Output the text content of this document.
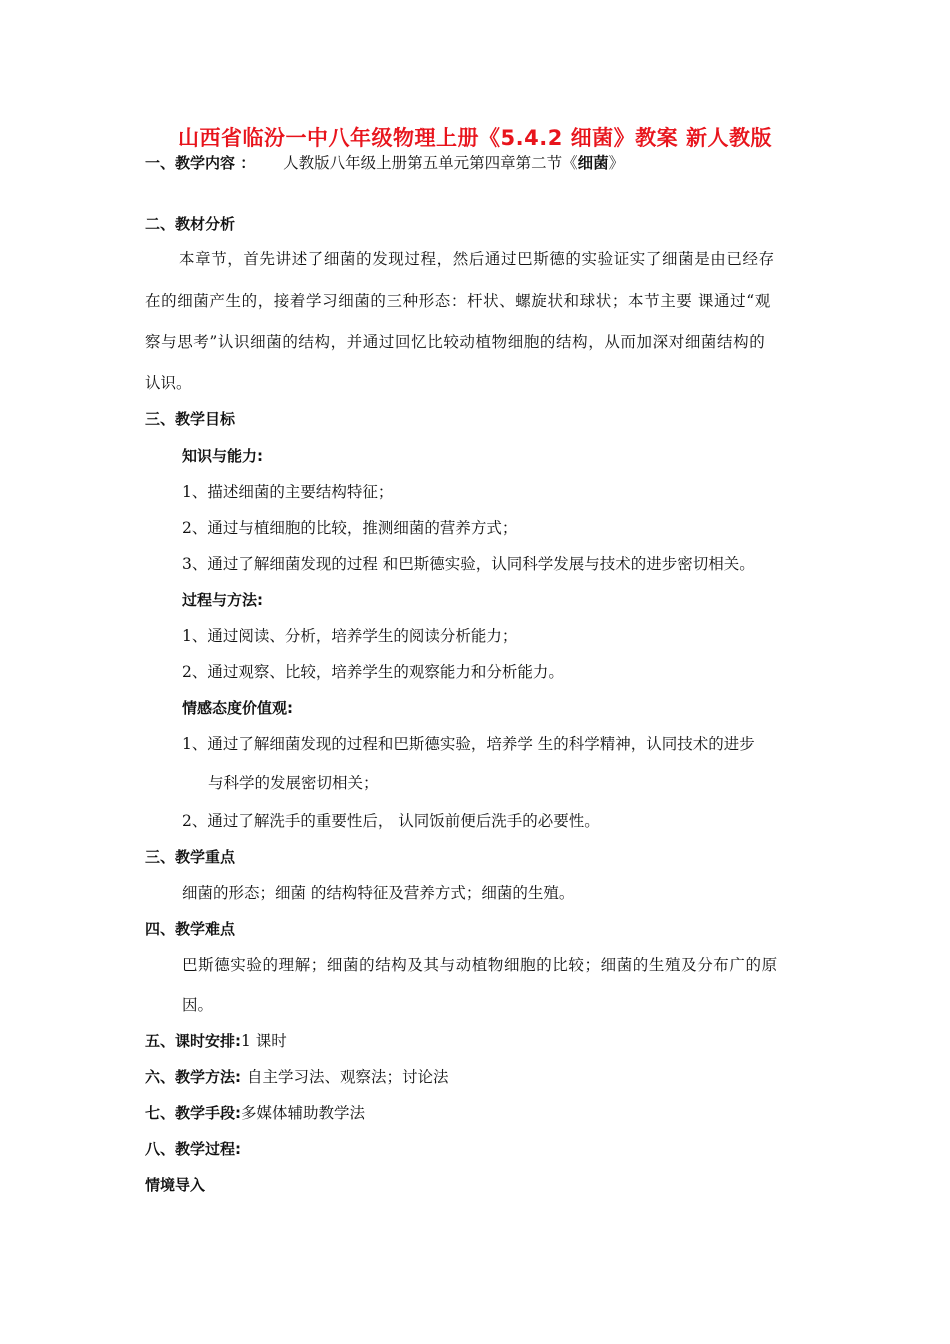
山西省临汾一中八年级物理上册《5.4.2 细菌》教案 新人教版
一、教学内容 ： 人教版八年级上册第五单元第四章第二节《细菌》
二、教材分析
本章节，首先讲述了细菌的发现过程，然后通过巴斯德的实验证实了细菌是由已经存
在的细菌产生的，接着学习细菌的三种形态：杆状、螺旋状和球状；本节主要 课通过“观
察与思考”认识细菌的结构，并通过回忆比较动植物细胞的结构，从而加深对细菌结构的
认识。
三、教学目标
知识与能力:
1、描述细菌的主要结构特征；
2、通过与植细胞的比较，推测细菌的营养方式；
3、通过了解细菌发现的过程 和巴斯德实验，认同科学发展与技术的进步密切相关。
过程与方法:
1、通过阅读、分析，培养学生的阅读分析能力；
2、通过观察、比较，培养学生的观察能力和分析能力。
情感态度价值观:
1、通过了解细菌发现的过程和巴斯德实验，培养学 生的科学精神，认同技术的进步
与科学的发展密切相关；
2、通过了解洗手的重要性后， 认同饭前便后洗手的必要性。
三、教学重点
细菌的形态；细菌 的结构特征及营养方式；细菌的生殖。
四、教学难点
巴斯德实验的理解；细菌的结构及其与动植物细胞的比较；细菌的生殖及分布广的原
因。
五、课时安排:1 课时
六、教学方法: 自主学习法、观察法；讨论法
七、教学手段:多媒体辅助教学法
八、教学过程:
情境导入
